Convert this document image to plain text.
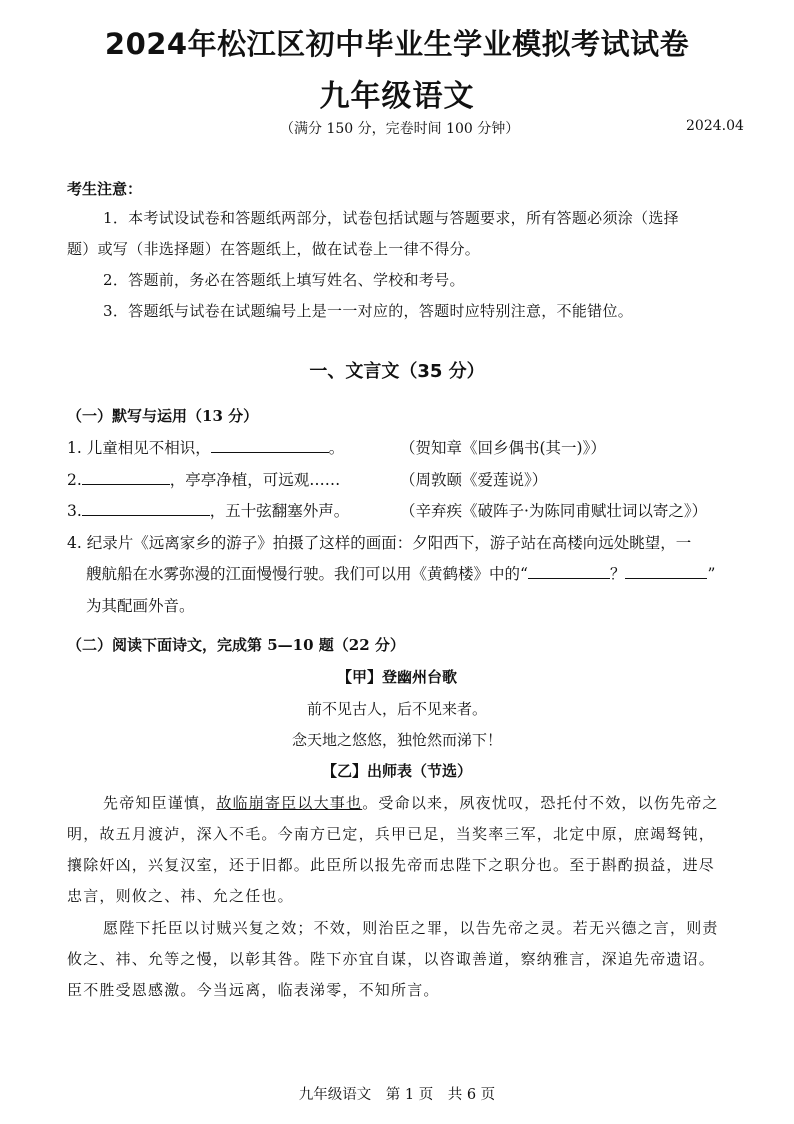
2024年松江区初中毕业生学业模拟考试试卷
九年级语文
（满分 150 分，完卷时间 100 分钟）	2024.04
考生注意：
1．本考试设试卷和答题纸两部分，试卷包括试题与答题要求，所有答题必须涂（选择
题）或写（非选择题）在答题纸上，做在试卷上一律不得分。
2．答题前，务必在答题纸上填写姓名、学校和考号。
3．答题纸与试卷在试题编号上是一一对应的，答题时应特别注意，不能错位。
一、文言文（35 分）
（一）默写与运用（13 分）
1. 儿童相见不相识，	。	（贺知章《回乡偶书(其一)》）
2.	，亭亭净植，可远观……	（周敦颐《爱莲说》）
3.	，五十弦翻塞外声。	（辛弃疾《破阵子·为陈同甫赋壮词以寄之》）
4. 纪录片《远离家乡的游子》拍摄了这样的画面：夕阳西下，游子站在高楼向远处眺望，一
艘航船在水雾弥漫的江面慢慢行驶。我们可以用《黄鹤楼》中的“	？	”
为其配画外音。
（二）阅读下面诗文，完成第 5—10 题（22 分）
【甲】登幽州台歌
前不见古人，后不见来者。
念天地之悠悠，独怆然而涕下！
【乙】出师表（节选）
先帝知臣谨慎，故临崩寄臣以大事也。受命以来，夙夜忧叹，恐托付不效，以伤先帝之
明，故五月渡泸，深入不毛。今南方已定，兵甲已足，当奖率三军，北定中原，庶竭驽钝，
攘除奸凶，兴复汉室，还于旧都。此臣所以报先帝而忠陛下之职分也。至于斟酌损益，进尽
忠言，则攸之、祎、允之任也。
愿陛下托臣以讨贼兴复之效；不效，则治臣之罪，以告先帝之灵。若无兴德之言，则责
攸之、祎、允等之慢，以彰其咎。陛下亦宜自谋，以咨诹善道，察纳雅言，深追先帝遗诏。
臣不胜受恩感激。今当远离，临表涕零，不知所言。
九年级语文　第 1 页　共 6 页
